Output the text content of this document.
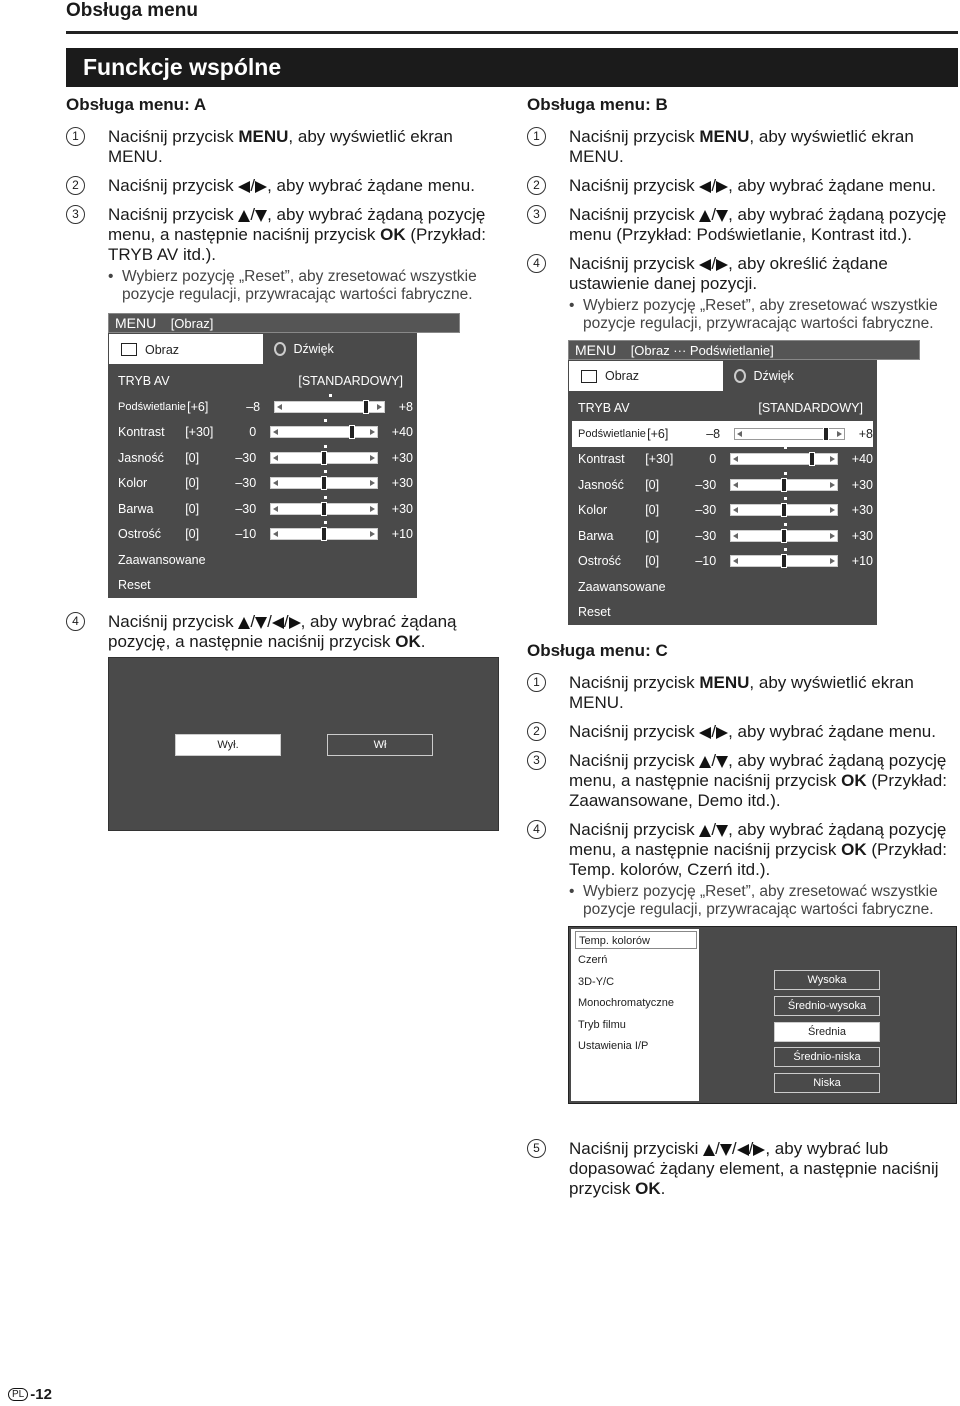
Obsługa menu
Funckcje wspólne
Obsługa menu: A
1	Naciśnij przycisk MENU, aby wyświetlić ekran MENU.
2	Naciśnij przycisk / , aby wybrać żądane menu.
3	Naciśnij przycisk / , aby wybrać żądaną pozycję menu, a następnie naciśnij przycisk OK (Przykład: TRYB AV itd.).
• Wybierz pozycję „Reset”, aby zresetować wszystkie pozycje regulacji, przywracając wartości fabryczne.
MENU [Obraz]
Obraz	Dźwięk
TRYB AV	[STANDARDOWY]
Podświetlanie [+6]	–8	+8
Kontrast	[+30]	0	+40
Jasność	[0]	–30	+30
Kolor	[0]	–30	+30
Barwa	[0]	–30	+30
Ostrość	[0]	–10	+10
Zaawansowane
Reset
4	Naciśnij przycisk / / / , aby wybrać żądaną pozycję, a następnie naciśnij przycisk OK.
Wył.	Wł
Obsługa menu: B
1	Naciśnij przycisk MENU, aby wyświetlić ekran MENU.
2	Naciśnij przycisk / , aby wybrać żądane menu.
3	Naciśnij przycisk / , aby wybrać żądaną pozycję menu (Przykład: Podświetlanie, Kontrast itd.).
4	Naciśnij przycisk / , aby określić żądane ustawienie danej pozycji.
• Wybierz pozycję „Reset”, aby zresetować wszystkie pozycje regulacji, przywracając wartości fabryczne.
MENU [Obraz ··· Podświetlanie]
Obraz	Dźwięk
TRYB AV	[STANDARDOWY]
Podświetlanie [+6]	–8	+8
Kontrast	[+30]	0	+40
Jasność	[0]	–30	+30
Kolor	[0]	–30	+30
Barwa	[0]	–30	+30
Ostrość	[0]	–10	+10
Zaawansowane
Reset
Obsługa menu: C
1	Naciśnij przycisk MENU, aby wyświetlić ekran MENU.
2	Naciśnij przycisk / , aby wybrać żądane menu.
3	Naciśnij przycisk / , aby wybrać żądaną pozycję menu, a następnie naciśnij przycisk OK (Przykład: Zaawansowane, Demo itd.).
4	Naciśnij przycisk / , aby wybrać żądaną pozycję menu, a następnie naciśnij przycisk OK (Przykład: Temp. kolorów, Czerń itd.).
• Wybierz pozycję „Reset”, aby zresetować wszystkie pozycje regulacji, przywracając wartości fabryczne.
Temp. kolorów
Czerń
3D-Y/C
Monochromatyczne
Tryb filmu
Ustawienia I/P
Wysoka
Średnio-wysoka
Średnia
Średnio-niska
Niska
5	Naciśnij przyciski / / / , aby wybrać lub dopasować żądany element, a następnie naciśnij przycisk OK.
PL -12
